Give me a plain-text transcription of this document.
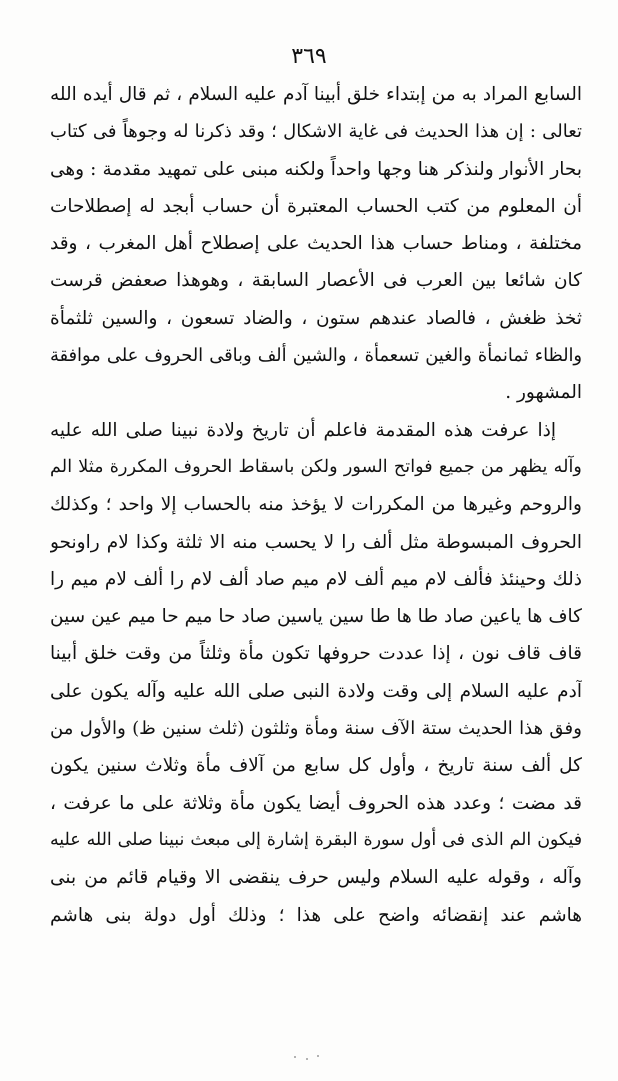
٣٦٩
السابع المراد به من إبتداء خلق أبينا آدم عليه السلام ، ثم قال أيده الله
تعالى : إن هذا الحديث فى غاية الاشكال ؛ وقد ذكرنا له وجوهاً فى كتاب
بحار الأنوار ولنذكر هنا وجها واحداً ولكنه مبنى على تمهيد مقدمة : وهى
أن المعلوم من كتب الحساب المعتبرة أن حساب أبجد له إصطلاحات
مختلفة ، ومناط حساب هذا الحديث على إصطلاح أهل المغرب ، وقد
كان شائعا بين العرب فى الأعصار السابقة ، وهوهذا صعفض قرست
ثخذ ظغش ، فالصاد عندهم ستون ، والضاد تسعون ، والسين ثلثمأة
والظاء ثمانمأة والغين تسعمأة ، والشين ألف وباقى الحروف على موافقة
المشهور .
إذا عرفت هذه المقدمة فاعلم أن تاريخ ولادة نبينا صلى الله عليه
وآله يظهر من جميع فواتح السور ولكن باسقاط الحروف المكررة مثلا الم
والروحم وغيرها من المكررات لا يؤخذ منه بالحساب إلا واحد ؛ وكذلك
الحروف المبسوطة مثل ألف را لا يحسب منه الا ثلثة وكذا لام راونحو
ذلك وحينئذ فألف لام ميم ألف لام ميم صاد ألف لام را ألف لام ميم را
كاف ها ياعين صاد طا ها طا سين ياسين صاد حا ميم حا ميم عين سين
قاف قاف نون ، إذا عددت حروفها تكون مأة وثلثاً من وقت خلق أبينا
آدم عليه السلام إلى وقت ولادة النبى صلى الله عليه وآله يكون على
وفق هذا الحديث ستة الآف سنة ومأة وثلثون (ثلث سنين ظ) والأول من
كل ألف سنة تاريخ ، وأول كل سابع من آلاف مأة وثلاث سنين يكون
قد مضت ؛ وعدد هذه الحروف أيضا يكون مأة وثلاثة على ما عرفت ،
فيكون الم الذى فى أول سورة البقرة إشارة إلى مبعث نبينا صلى الله عليه
وآله ، وقوله عليه السلام وليس حرف ينقضى الا وقيام قائم من بنى
هاشم عند إنقضائه واضح على هذا ؛ وذلك أول دولة بنى هاشم
